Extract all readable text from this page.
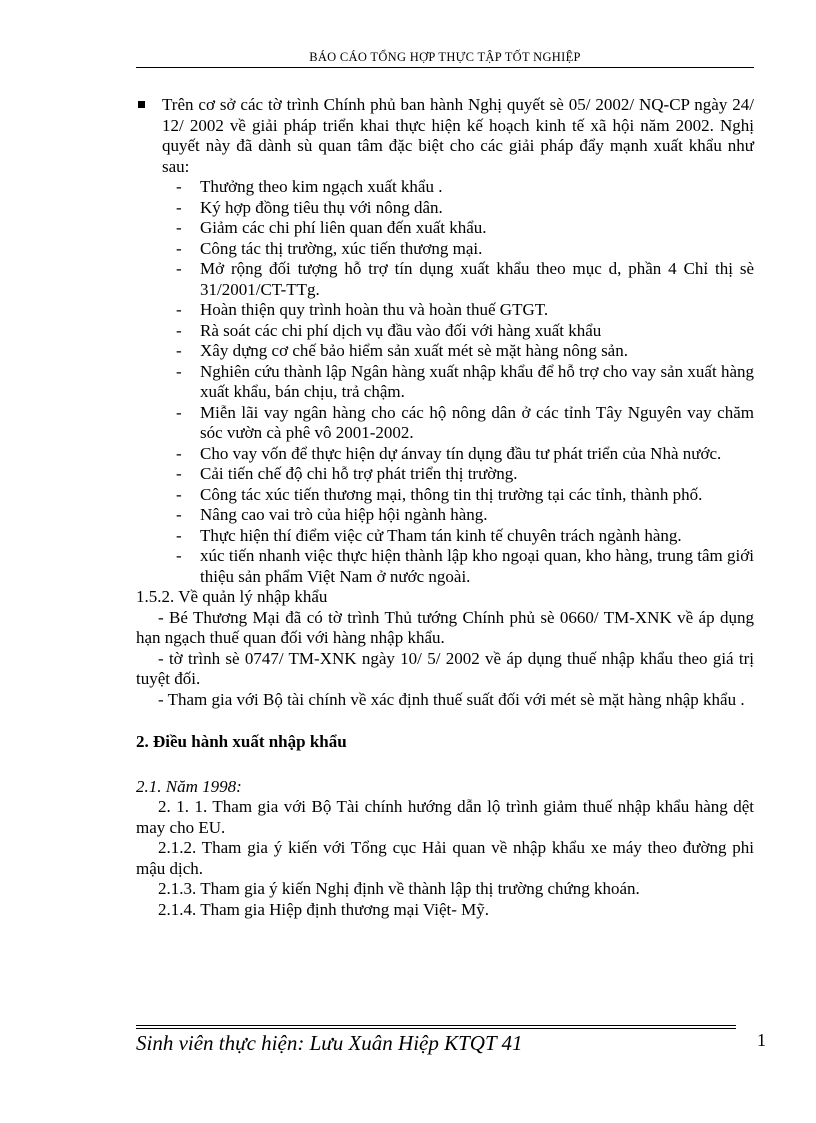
BÁO CÁO TỔNG HỢP THỰC TẬP TỐT NGHIỆP
Trên cơ sở các tờ trình Chính phủ ban hành Nghị quyết sè 05/ 2002/ NQ-CP ngày 24/ 12/ 2002 về giải pháp triển khai thực hiện kế hoạch kinh tế xã hội năm 2002. Nghị quyết này đã dành sù quan tâm đặc biệt cho các giải pháp đẩy mạnh xuất khẩu như sau:
- Thưởng theo kim ngạch xuất khẩu .
- Ký hợp đồng tiêu thụ với nông dân.
- Giảm các chi phí liên quan đến xuất khẩu.
- Công tác thị trường, xúc tiến thương mại.
- Mở rộng đối tượng hỗ trợ tín dụng xuất khẩu theo mục d, phần 4 Chỉ thị sè 31/2001/CT-TTg.
- Hoàn thiện quy trình hoàn thu và hoàn thuế GTGT.
- Rà soát các chi phí dịch vụ đầu vào đối với hàng xuất khẩu
- Xây dựng cơ chế bảo hiểm sản xuất mét sè mặt hàng nông sản.
- Nghiên cứu thành lập Ngân hàng xuất nhập khẩu để hỗ trợ cho vay sản xuất hàng xuất khẩu, bán chịu, trả chậm.
- Miễn lãi vay ngân hàng cho các hộ nông dân ở các tỉnh Tây Nguyên vay chăm sóc vườn cà phê vô 2001-2002.
- Cho vay vốn để thực hiện dự ánvay tín dụng đầu tư phát triển của Nhà nước.
- Cải tiến chế độ chi hỗ trợ phát triển thị trường.
- Công tác xúc tiến thương mại, thông tin thị trường tại các tỉnh, thành phố.
- Nâng cao vai trò của hiệp hội ngành hàng.
- Thực hiện thí điểm việc cử Tham tán kinh tế chuyên trách ngành hàng.
- xúc tiến nhanh việc thực hiện thành lập kho ngoại quan, kho hàng, trung tâm giới thiệu sản phẩm Việt Nam ở nước ngoài.
1.5.2. Về quản lý nhập khẩu
- Bé Thương Mại đã có tờ trình Thủ tướng Chính phủ sè 0660/ TM-XNK về áp dụng hạn ngạch thuế quan đối với hàng nhập khẩu.
- tờ trình sè 0747/ TM-XNK ngày 10/ 5/ 2002 về áp dụng thuế nhập khẩu theo giá trị tuyệt đối.
- Tham gia với Bộ tài chính về xác định thuế suất đối với mét sè mặt hàng nhập khẩu .
2. Điều hành xuất nhập khẩu
2.1. Năm 1998:
2. 1. 1. Tham gia với Bộ Tài chính hướng dẫn lộ trình giảm thuế nhập khẩu hàng dệt may cho EU.
2.1.2. Tham gia ý kiến với Tổng cục Hải quan về nhập khẩu xe máy theo đường phi mậu dịch.
2.1.3. Tham gia ý kiến Nghị định về thành lập thị trường chứng khoán.
2.1.4. Tham gia Hiệp định thương mại Việt- Mỹ.
Sinh viên thực hiện: Lưu Xuân Hiệp KTQT 41	1
